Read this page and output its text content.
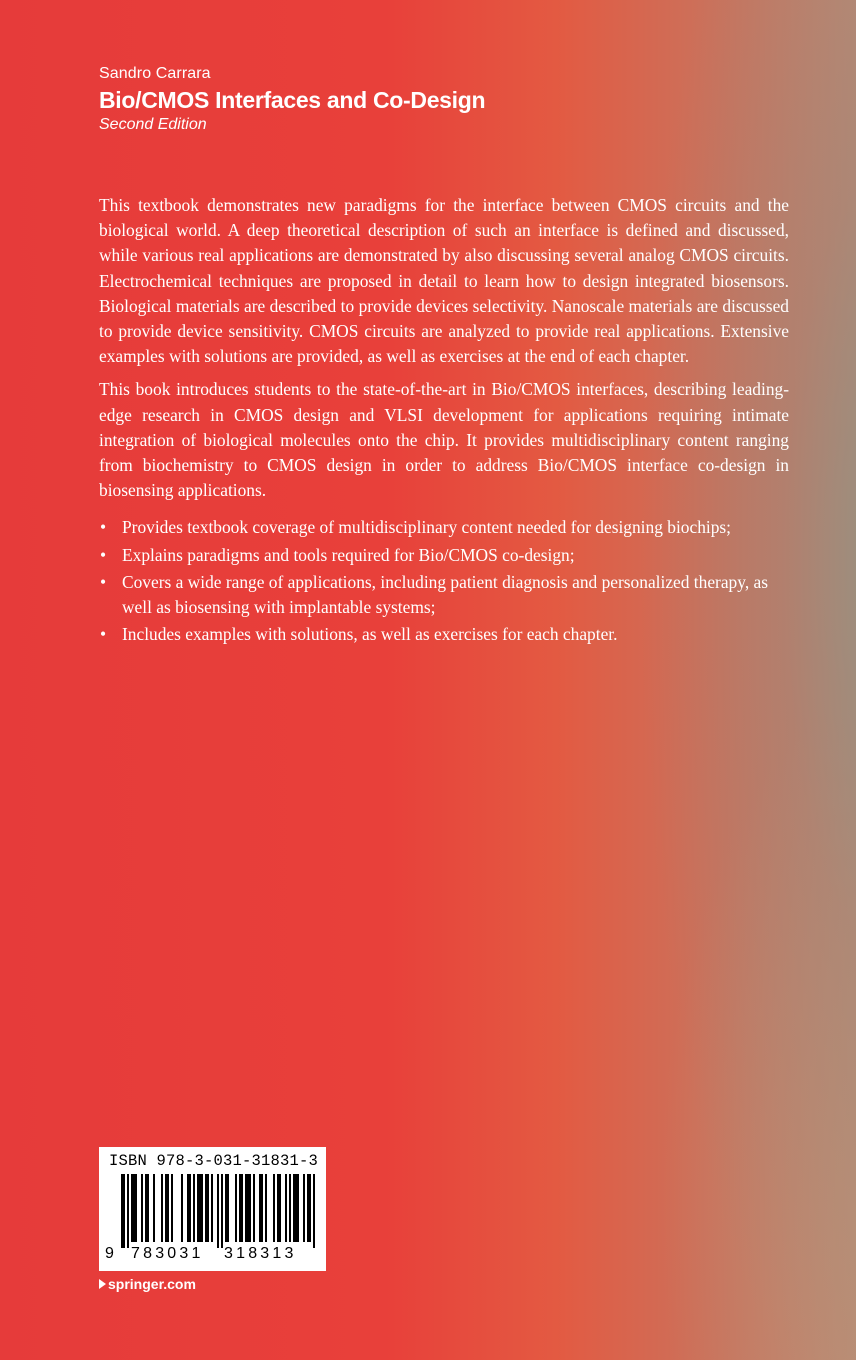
Sandro Carrara
Bio/CMOS Interfaces and Co-Design
Second Edition

This textbook demonstrates new paradigms for the interface between CMOS circuits and the biological world. A deep theoretical description of such an interface is defined and discussed, while various real applications are demonstrated by also discussing several analog CMOS circuits. Electrochemical techniques are proposed in detail to learn how to design integrated biosensors. Biological materials are described to provide devices selectivity. Nanoscale materials are discussed to provide device sensitivity. CMOS circuits are analyzed to provide real applications. Extensive examples with solutions are provided, as well as exercises at the end of each chapter.

This book introduces students to the state-of-the-art in Bio/CMOS interfaces, describing leading-edge research in CMOS design and VLSI development for applications requiring intimate integration of biological molecules onto the chip. It provides multidisciplinary content ranging from biochemistry to CMOS design in order to address Bio/CMOS interface co-design in biosensing applications.

• Provides textbook coverage of multidisciplinary content needed for designing biochips;
• Explains paradigms and tools required for Bio/CMOS co-design;
• Covers a wide range of applications, including patient diagnosis and personalized therapy, as well as biosensing with implantable systems;
• Includes examples with solutions, as well as exercises for each chapter.
ISBN 978-3-031-31831-3
9 783031 318313
springer.com
